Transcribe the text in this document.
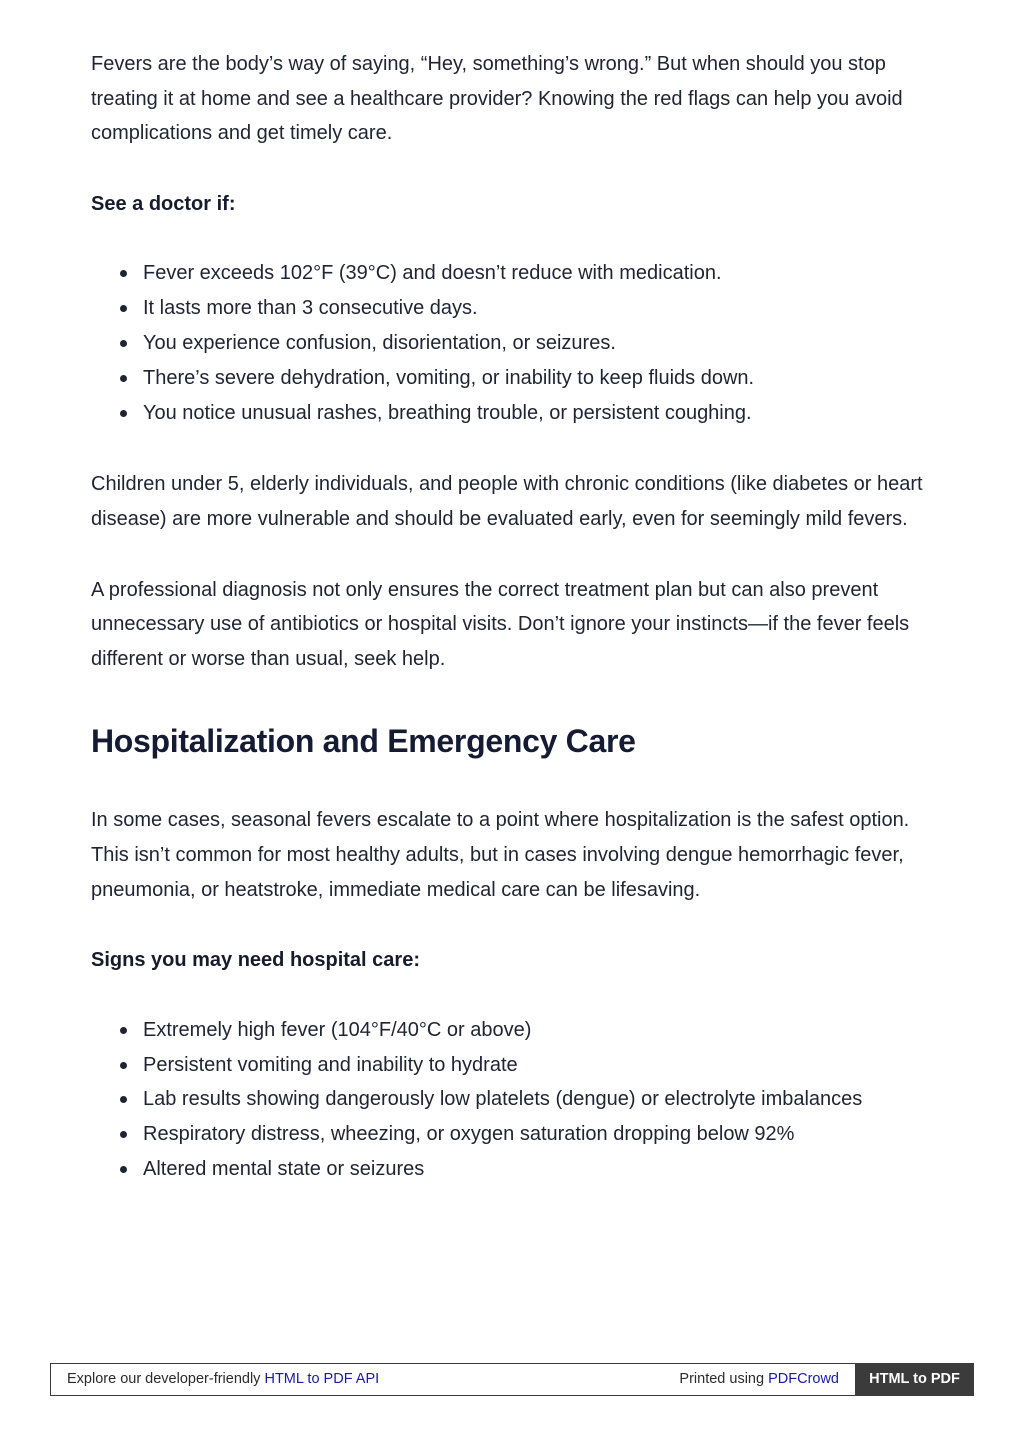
Fevers are the body’s way of saying, “Hey, something’s wrong.” But when should you stop treating it at home and see a healthcare provider? Knowing the red flags can help you avoid complications and get timely care.

See a doctor if:

Fever exceeds 102°F (39°C) and doesn’t reduce with medication.
It lasts more than 3 consecutive days.
You experience confusion, disorientation, or seizures.
There’s severe dehydration, vomiting, or inability to keep fluids down.
You notice unusual rashes, breathing trouble, or persistent coughing.

Children under 5, elderly individuals, and people with chronic conditions (like diabetes or heart disease) are more vulnerable and should be evaluated early, even for seemingly mild fevers.

A professional diagnosis not only ensures the correct treatment plan but can also prevent unnecessary use of antibiotics or hospital visits. Don’t ignore your instincts—if the fever feels different or worse than usual, seek help.

Hospitalization and Emergency Care

In some cases, seasonal fevers escalate to a point where hospitalization is the safest option. This isn’t common for most healthy adults, but in cases involving dengue hemorrhagic fever, pneumonia, or heatstroke, immediate medical care can be lifesaving.

Signs you may need hospital care:

Extremely high fever (104°F/40°C or above)
Persistent vomiting and inability to hydrate
Lab results showing dangerously low platelets (dengue) or electrolyte imbalances
Respiratory distress, wheezing, or oxygen saturation dropping below 92%
Altered mental state or seizures
Explore our developer-friendly HTML to PDF API	Printed using PDFCrowd	HTML to PDF
